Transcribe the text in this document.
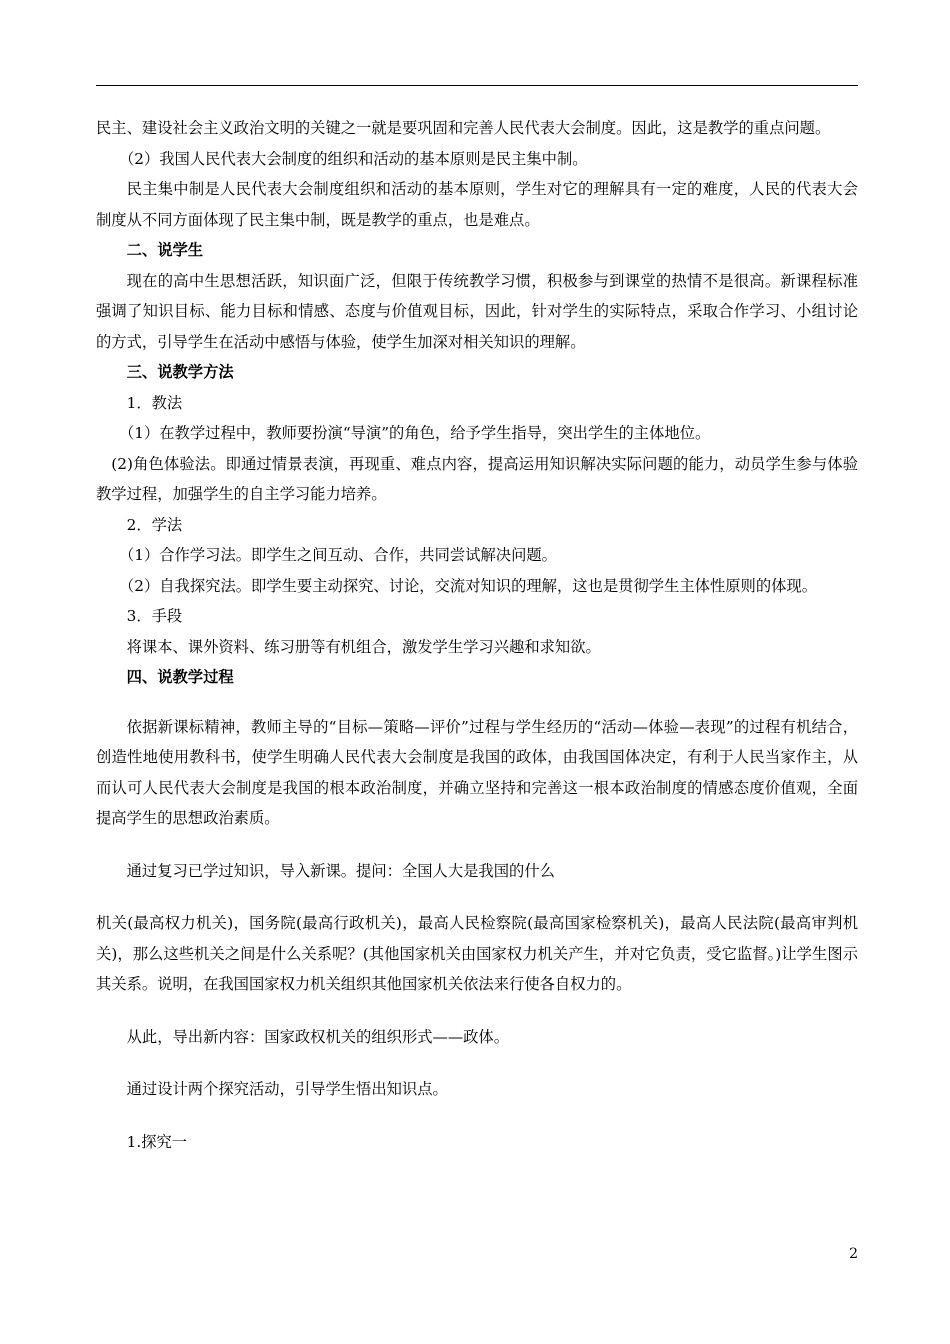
民主、建设社会主义政治文明的关键之一就是要巩固和完善人民代表大会制度。因此，这是教学的重点问题。

（2）我国人民代表大会制度的组织和活动的基本原则是民主集中制。

民主集中制是人民代表大会制度组织和活动的基本原则，学生对它的理解具有一定的难度，人民的代表大会制度从不同方面体现了民主集中制，既是教学的重点，也是难点。

二、说学生

现在的高中生思想活跃，知识面广泛，但限于传统教学习惯，积极参与到课堂的热情不是很高。新课程标准强调了知识目标、能力目标和情感、态度与价值观目标，因此，针对学生的实际特点，采取合作学习、小组讨论的方式，引导学生在活动中感悟与体验，使学生加深对相关知识的理解。

三、说教学方法

1．教法

（1）在教学过程中，教师要扮演“导演”的角色，给予学生指导，突出学生的主体地位。

(2)角色体验法。即通过情景表演，再现重、难点内容，提高运用知识解决实际问题的能力，动员学生参与体验教学过程，加强学生的自主学习能力培养。

2．学法

（1）合作学习法。即学生之间互动、合作，共同尝试解决问题。

（2）自我探究法。即学生要主动探究、讨论，交流对知识的理解，这也是贯彻学生主体性原则的体现。

3．手段

将课本、课外资料、练习册等有机组合，激发学生学习兴趣和求知欲。

四、说教学过程

依据新课标精神，教师主导的“目标—策略—评价”过程与学生经历的“活动—体验—表现”的过程有机结合，创造性地使用教科书，使学生明确人民代表大会制度是我国的政体，由我国国体决定，有利于人民当家作主，从而认可人民代表大会制度是我国的根本政治制度，并确立坚持和完善这一根本政治制度的情感态度价值观，全面提高学生的思想政治素质。

通过复习已学过知识，导入新课。提问：全国人大是我国的什么

机关(最高权力机关)，国务院(最高行政机关)，最高人民检察院(最高国家检察机关)，最高人民法院(最高审判机关)，那么这些机关之间是什么关系呢？(其他国家机关由国家权力机关产生，并对它负责，受它监督。)让学生图示其关系。说明，在我国国家权力机关组织其他国家机关依法来行使各自权力的。

从此，导出新内容：国家政权机关的组织形式——政体。

通过设计两个探究活动，引导学生悟出知识点。

1.探究一

2
